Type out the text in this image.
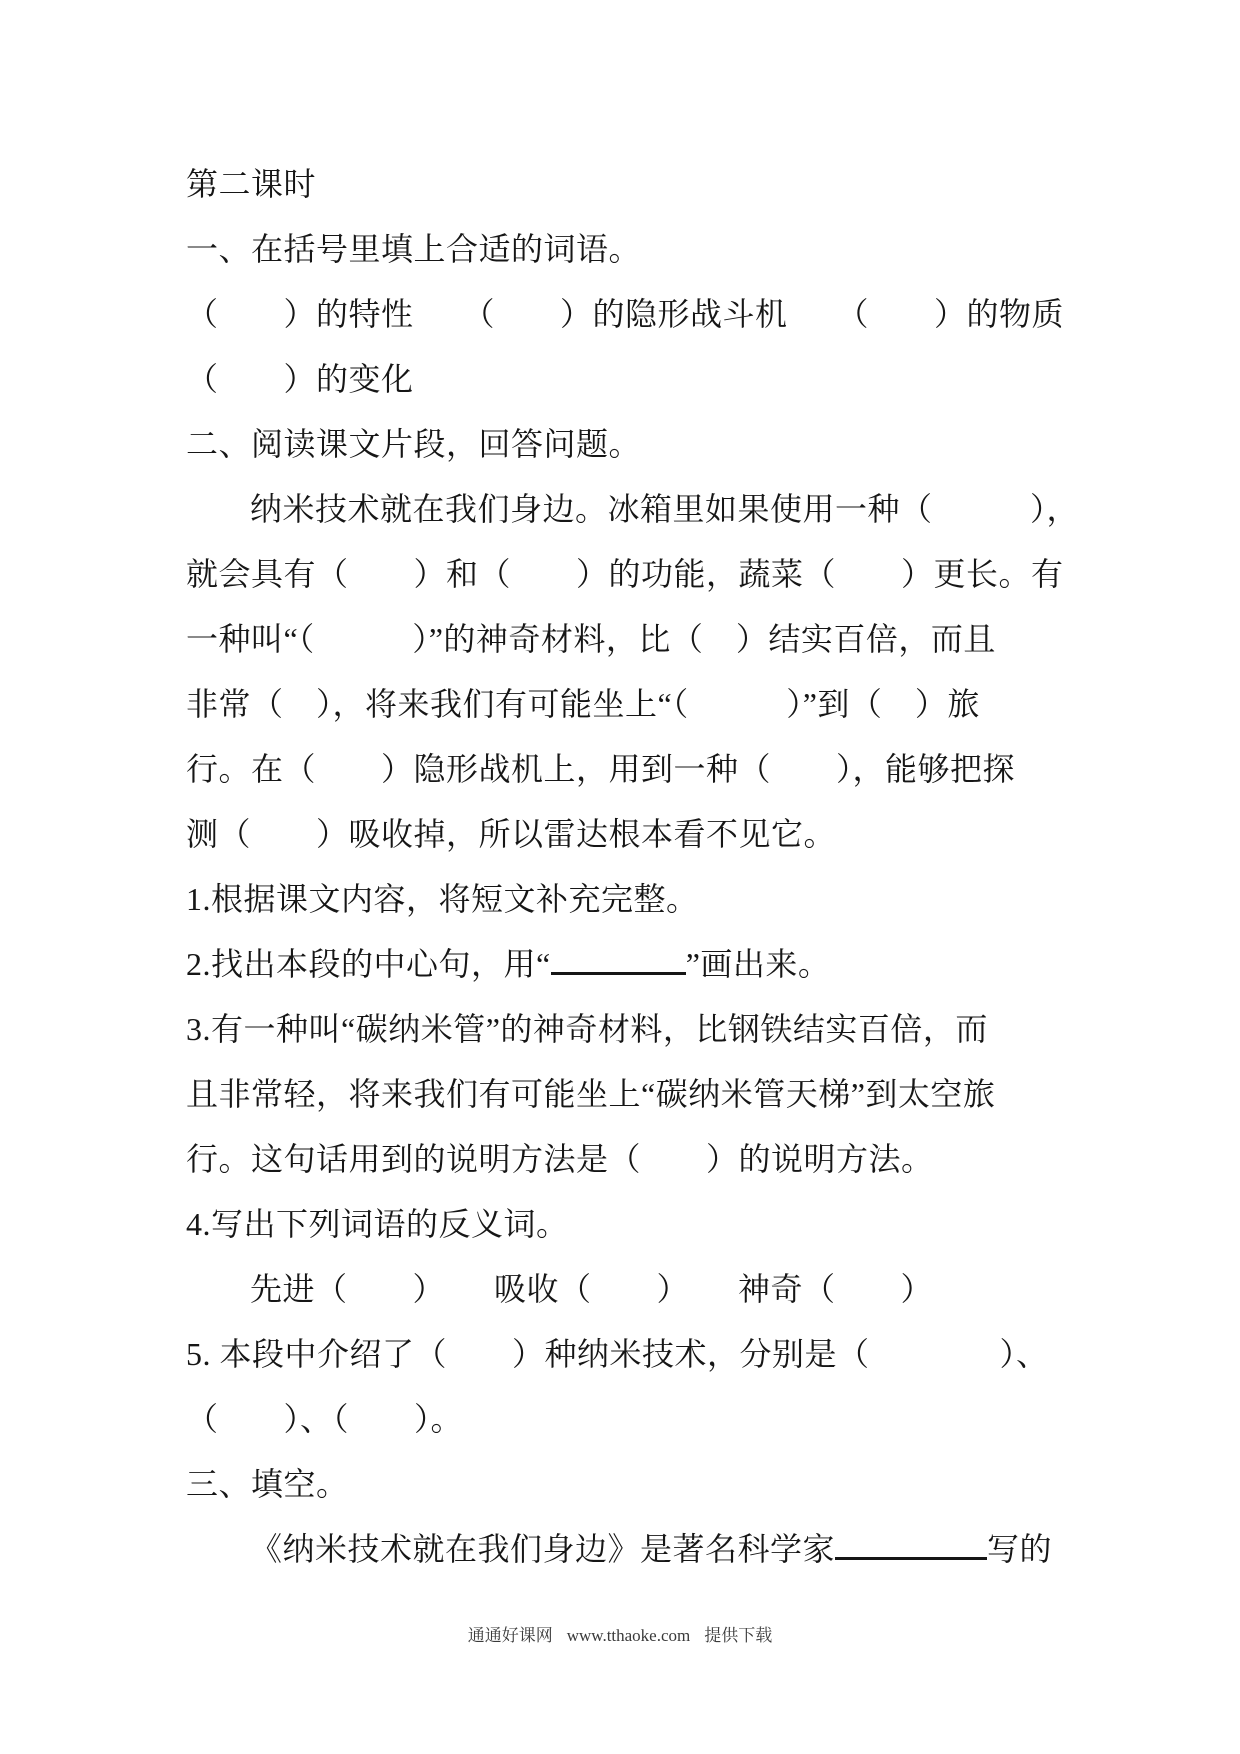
第二课时
一、在括号里填上合适的词语。
（　　）的特性　　（　　）的隐形战斗机　　（　　）的物质
（　　）的变化
二、阅读课文片段，回答问题。
纳米技术就在我们身边。冰箱里如果使用一种（　　　），
就会具有（　　）和（　　）的功能，蔬菜（　　）更长。有
一种叫“（　　　）”的神奇材料，比（　）结实百倍，而且
非常（　），将来我们有可能坐上“（　　　）”到（　）旅
行。在（　　）隐形战机上，用到一种（　　），能够把探
测（　　）吸收掉，所以雷达根本看不见它。
1.根据课文内容，将短文补充完整。
2.找出本段的中心句，用“	”画出来。
3.有一种叫“碳纳米管”的神奇材料，比钢铁结实百倍，而
且非常轻，将来我们有可能坐上“碳纳米管天梯”到太空旅
行。这句话用到的说明方法是（　　）的说明方法。
4.写出下列词语的反义词。
先进（　　）　　吸收（　　）　　神奇（　　）
5. 本段中介绍了（　　）种纳米技术，分别是（　　　　）、
（　　）、（　　）。
三、填空。
《纳米技术就在我们身边》是著名科学家	写的
通通好课网 www.tthaoke.com 提供下载
